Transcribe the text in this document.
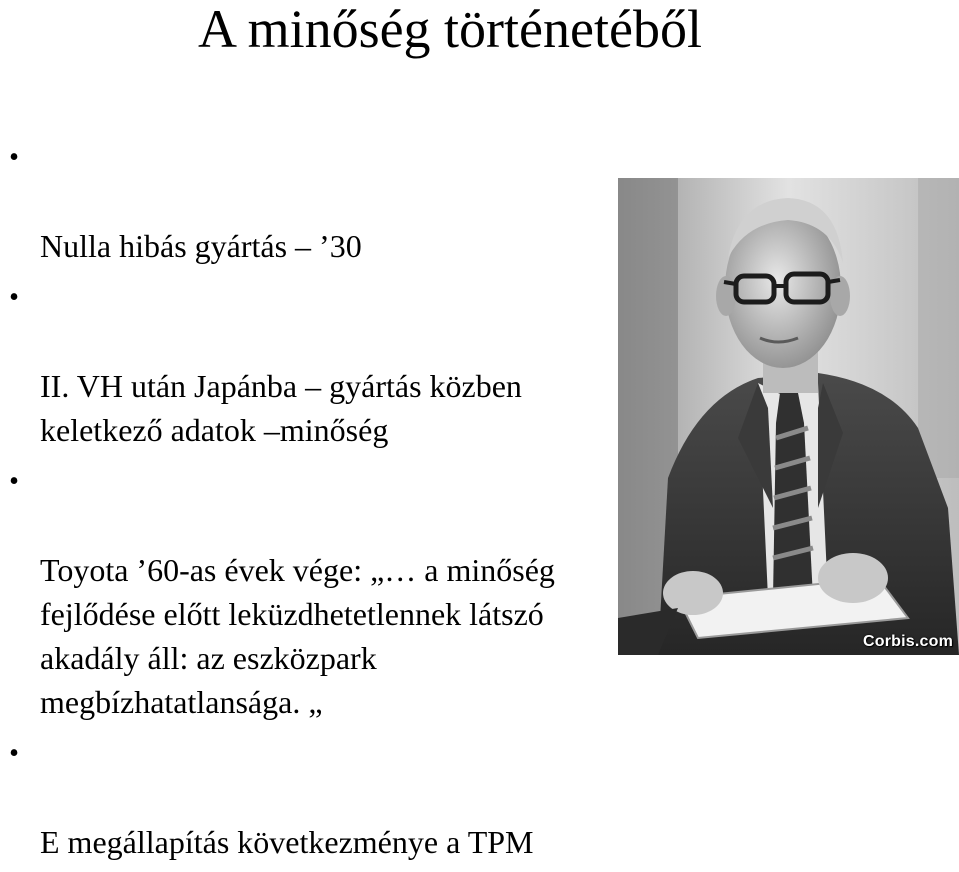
A minőség történetéből

•

Nulla hibás gyártás – ’30

•

II. VH után Japánba – gyártás közben keletkező adatok –minőség

•

Toyota ’60-as évek vége: „… a minőség fejlődése előtt leküzdhetetlennek látszó akadály áll: az eszközpark megbízhatatlansága. „

•

E megállapítás következménye a TPM

Corbis.com
